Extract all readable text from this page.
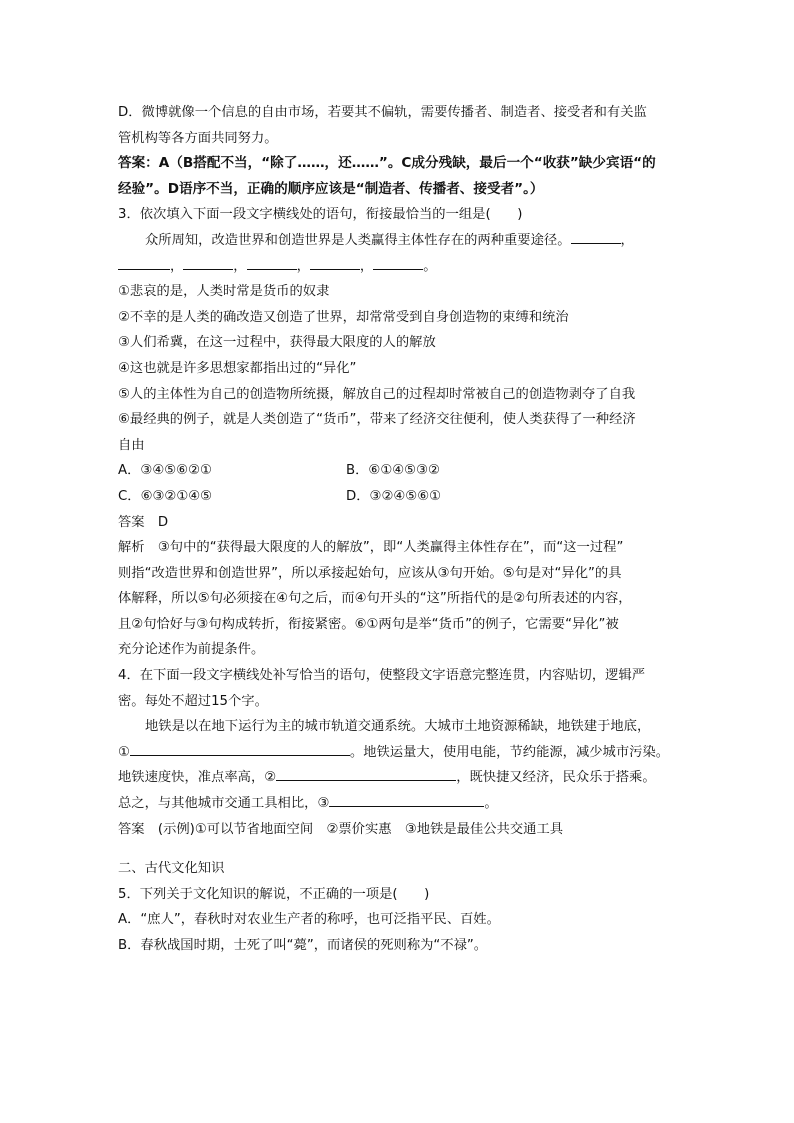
D．微博就像一个信息的自由市场，若要其不偏轨，需要传播者、制造者、接受者和有关监
管机构等各方面共同努力。
答案：A（B搭配不当，“除了……，还……”。C成分残缺，最后一个“收获”缺少宾语“的
经验”。D语序不当，正确的顺序应该是“制造者、传播者、接受者”。）
3．依次填入下面一段文字横线处的语句，衔接最恰当的一组是(　　)
众所周知，改造世界和创造世界是人类赢得主体性存在的两种重要途径。	，
，	，	，	，	。
①悲哀的是，人类时常是货币的奴隶
②不幸的是人类的确改造又创造了世界，却常常受到自身创造物的束缚和统治
③人们希冀，在这一过程中，获得最大限度的人的解放
④这也就是许多思想家都指出过的“异化”
⑤人的主体性为自己的创造物所统摄，解放自己的过程却时常被自己的创造物剥夺了自我
⑥最经典的例子，就是人类创造了“货币”，带来了经济交往便利，使人类获得了一种经济
自由
A．③④⑤⑥②①	B．⑥①④⑤③②
C．⑥③②①④⑤	D．③②④⑤⑥①
答案　D
解析　③句中的“获得最大限度的人的解放”，即“人类赢得主体性存在”，而“这一过程”
则指“改造世界和创造世界”，所以承接起始句，应该从③句开始。⑤句是对“异化”的具
体解释，所以⑤句必须接在④句之后，而④句开头的“这”所指代的是②句所表述的内容，
且②句恰好与③句构成转折，衔接紧密。⑥①两句是举“货币”的例子，它需要“异化”被
充分论述作为前提条件。
4．在下面一段文字横线处补写恰当的语句，使整段文字语意完整连贯，内容贴切，逻辑严
密。每处不超过15个字。
地铁是以在地下运行为主的城市轨道交通系统。大城市土地资源稀缺，地铁建于地底，
①	。地铁运量大，使用电能，节约能源，减少城市污染。
地铁速度快，准点率高，②	，既快捷又经济，民众乐于搭乘。
总之，与其他城市交通工具相比，③	。
答案　(示例)①可以节省地面空间　②票价实惠　③地铁是最佳公共交通工具
二、古代文化知识
5．下列关于文化知识的解说，不正确的一项是(　　)
A．“庶人”，春秋时对农业生产者的称呼，也可泛指平民、百姓。
B．春秋战国时期，士死了叫“薨”，而诸侯的死则称为“不禄”。
